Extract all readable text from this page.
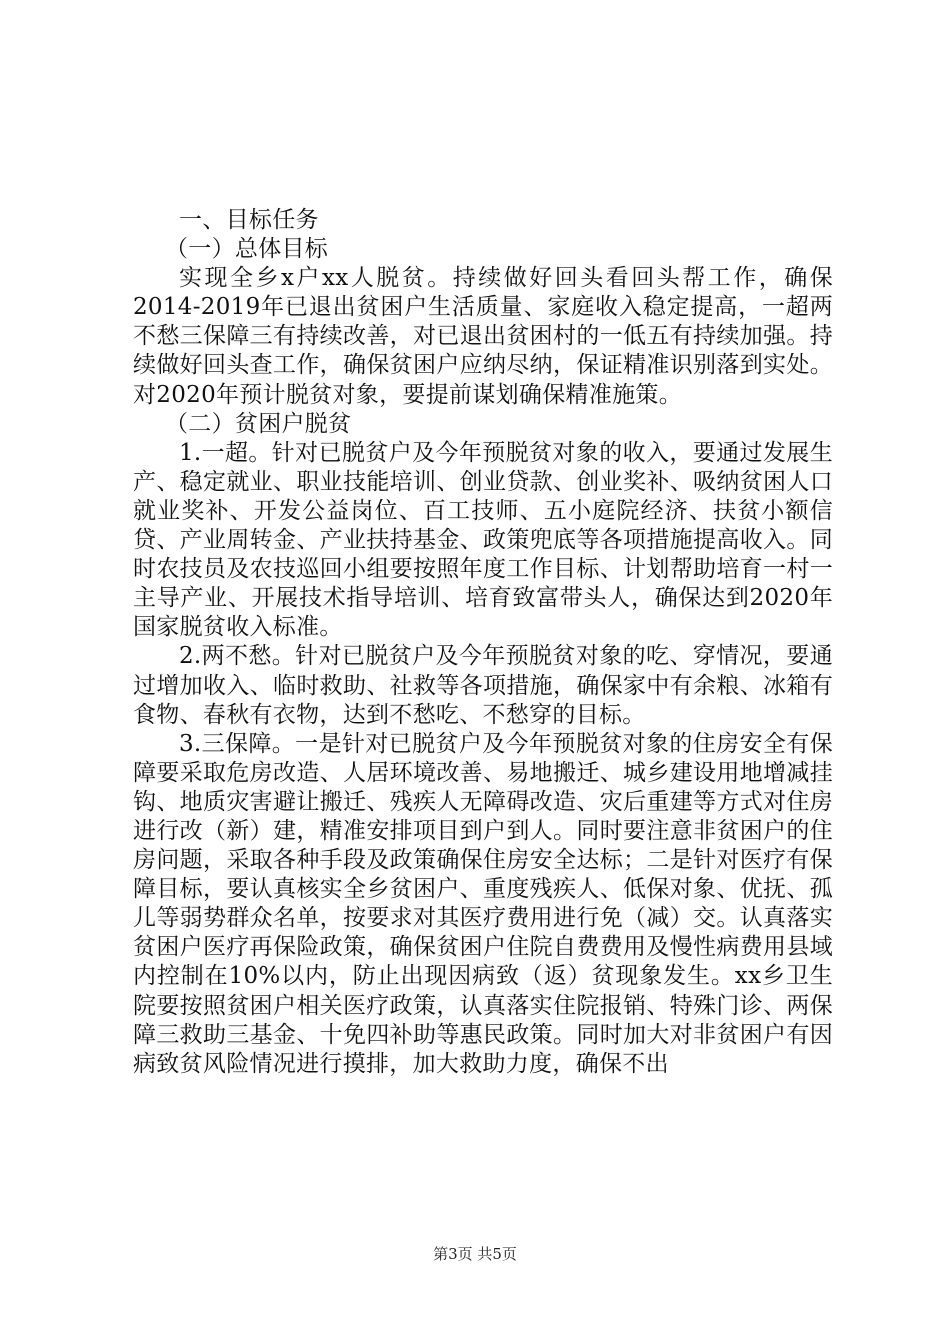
一、目标任务

（一）总体目标

实现全乡x户xx人脱贫。持续做好回头看回头帮工作，确保2014-2019年已退出贫困户生活质量、家庭收入稳定提高，一超两不愁三保障三有持续改善，对已退出贫困村的一低五有持续加强。持续做好回头查工作，确保贫困户应纳尽纳，保证精准识别落到实处。对2020年预计脱贫对象，要提前谋划确保精准施策。

（二）贫困户脱贫

1.一超。针对已脱贫户及今年预脱贫对象的收入，要通过发展生产、稳定就业、职业技能培训、创业贷款、创业奖补、吸纳贫困人口就业奖补、开发公益岗位、百工技师、五小庭院经济、扶贫小额信贷、产业周转金、产业扶持基金、政策兜底等各项措施提高收入。同时农技员及农技巡回小组要按照年度工作目标、计划帮助培育一村一主导产业、开展技术指导培训、培育致富带头人，确保达到2020年国家脱贫收入标准。

2.两不愁。针对已脱贫户及今年预脱贫对象的吃、穿情况，要通过增加收入、临时救助、社救等各项措施，确保家中有余粮、冰箱有食物、春秋有衣物，达到不愁吃、不愁穿的目标。

3.三保障。一是针对已脱贫户及今年预脱贫对象的住房安全有保障要采取危房改造、人居环境改善、易地搬迁、城乡建设用地增减挂钩、地质灾害避让搬迁、残疾人无障碍改造、灾后重建等方式对住房进行改（新）建，精准安排项目到户到人。同时要注意非贫困户的住房问题，采取各种手段及政策确保住房安全达标；二是针对医疗有保障目标，要认真核实全乡贫困户、重度残疾人、低保对象、优抚、孤儿等弱势群众名单，按要求对其医疗费用进行免（减）交。认真落实贫困户医疗再保险政策，确保贫困户住院自费费用及慢性病费用县域内控制在10%以内，防止出现因病致（返）贫现象发生。xx乡卫生院要按照贫困户相关医疗政策，认真落实住院报销、特殊门诊、两保障三救助三基金、十免四补助等惠民政策。同时加大对非贫困户有因病致贫风险情况进行摸排，加大救助力度，确保不出

第3页 共5页
